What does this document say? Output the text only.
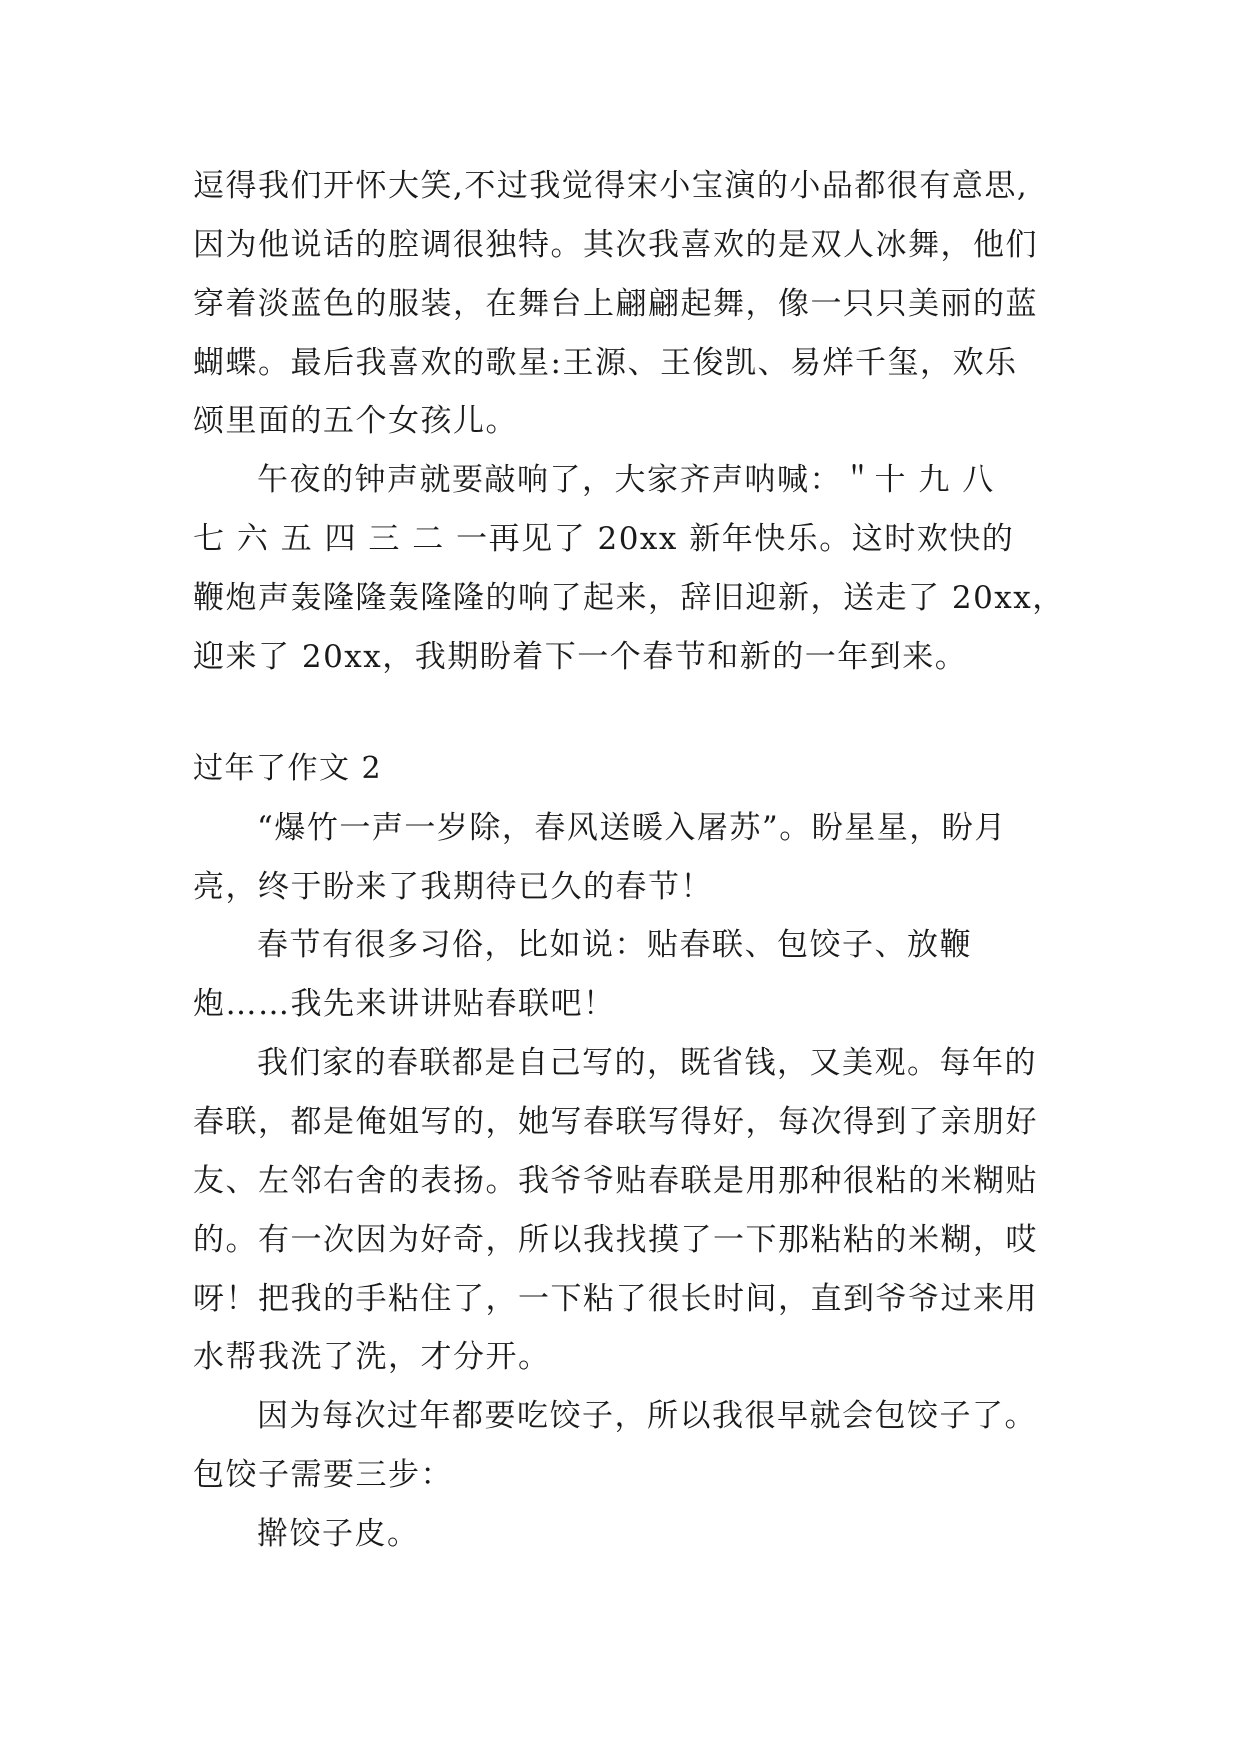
逗得我们开怀大笑,不过我觉得宋小宝演的小品都很有意思,
因为他说话的腔调很独特。其次我喜欢的是双人冰舞，他们
穿着淡蓝色的服装，在舞台上翩翩起舞，像一只只美丽的蓝
蝴蝶。最后我喜欢的歌星:王源、王俊凯、易烊千玺，欢乐
颂里面的五个女孩儿。
午夜的钟声就要敲响了，大家齐声呐喊：＂十 九 八
七 六 五 四 三 二 一再见了 20xx 新年快乐。这时欢快的
鞭炮声轰隆隆轰隆隆的响了起来，辞旧迎新，送走了 20xx，
迎来了 20xx，我期盼着下一个春节和新的一年到来。
过年了作文 2
“爆竹一声一岁除，春风送暖入屠苏”。盼星星，盼月
亮，终于盼来了我期待已久的春节！
春节有很多习俗，比如说：贴春联、包饺子、放鞭
炮……我先来讲讲贴春联吧！
我们家的春联都是自己写的，既省钱，又美观。每年的
春联，都是俺姐写的，她写春联写得好，每次得到了亲朋好
友、左邻右舍的表扬。我爷爷贴春联是用那种很粘的米糊贴
的。有一次因为好奇，所以我找摸了一下那粘粘的米糊，哎
呀！把我的手粘住了，一下粘了很长时间，直到爷爷过来用
水帮我洗了洗，才分开。
因为每次过年都要吃饺子，所以我很早就会包饺子了。
包饺子需要三步：
擀饺子皮。
